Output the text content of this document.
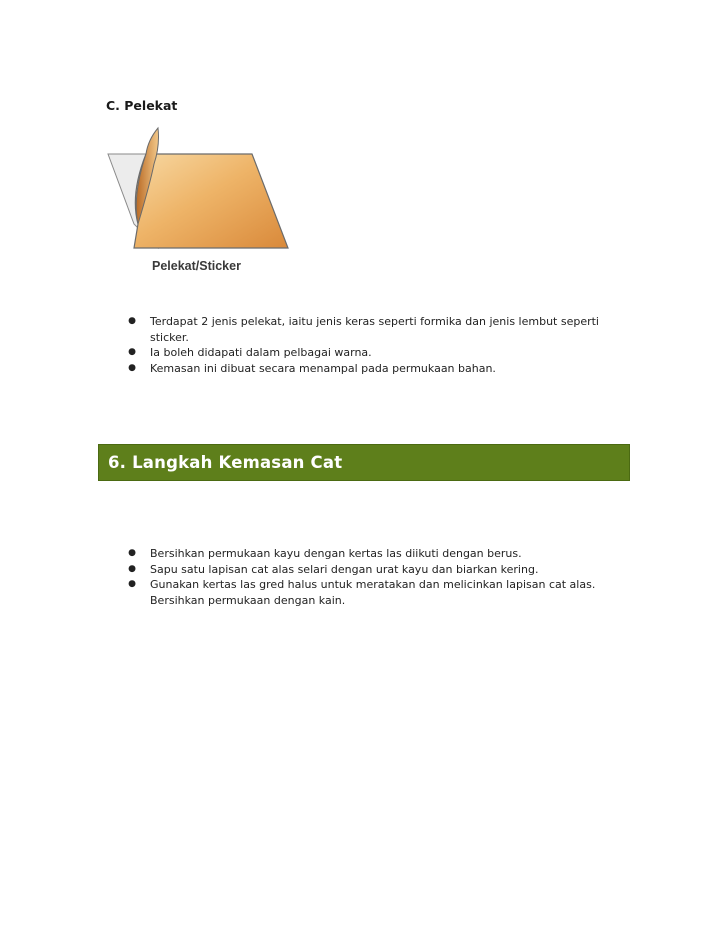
C. Pelekat
Pelekat/Sticker
● Terdapat 2 jenis pelekat, iaitu jenis keras seperti formika dan jenis lembut seperti sticker.
● Ia boleh didapati dalam pelbagai warna.
● Kemasan ini dibuat secara menampal pada permukaan bahan.
6. Langkah Kemasan Cat
● Bersihkan permukaan kayu dengan kertas las diikuti dengan berus.
● Sapu satu lapisan cat alas selari dengan urat kayu dan biarkan kering.
● Gunakan kertas las gred halus untuk meratakan dan melicinkan lapisan cat alas. Bersihkan permukaan dengan kain.
